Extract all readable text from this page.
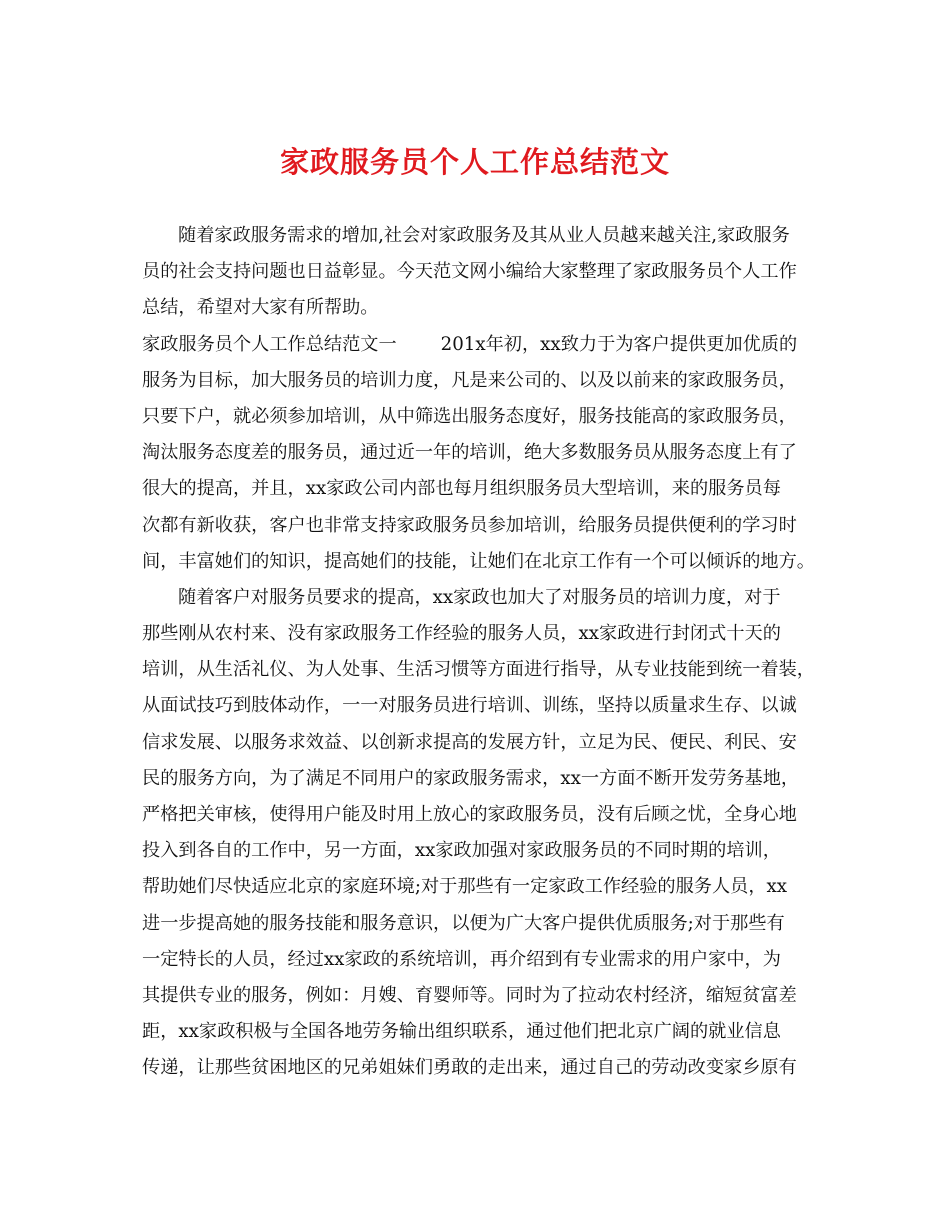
家政服务员个人工作总结范文
随着家政服务需求的增加,社会对家政服务及其从业人员越来越关注,家政服务
员的社会支持问题也日益彰显。今天范文网小编给大家整理了家政服务员个人工作
总结，希望对大家有所帮助。
家政服务员个人工作总结范文一 201x年初，xx致力于为客户提供更加优质的
服务为目标，加大服务员的培训力度，凡是来公司的、以及以前来的家政服务员，
只要下户，就必须参加培训，从中筛选出服务态度好，服务技能高的家政服务员，
淘汰服务态度差的服务员，通过近一年的培训，绝大多数服务员从服务态度上有了
很大的提高，并且，xx家政公司内部也每月组织服务员大型培训，来的服务员每
次都有新收获，客户也非常支持家政服务员参加培训，给服务员提供便利的学习时
间，丰富她们的知识，提高她们的技能，让她们在北京工作有一个可以倾诉的地方。
随着客户对服务员要求的提高，xx家政也加大了对服务员的培训力度，对于
那些刚从农村来、没有家政服务工作经验的服务人员，xx家政进行封闭式十天的
培训，从生活礼仪、为人处事、生活习惯等方面进行指导，从专业技能到统一着装，
从面试技巧到肢体动作，一一对服务员进行培训、训练，坚持以质量求生存、以诚
信求发展、以服务求效益、以创新求提高的发展方针，立足为民、便民、利民、安
民的服务方向，为了满足不同用户的家政服务需求，xx一方面不断开发劳务基地，
严格把关审核，使得用户能及时用上放心的家政服务员，没有后顾之忧，全身心地
投入到各自的工作中，另一方面，xx家政加强对家政服务员的不同时期的培训，
帮助她们尽快适应北京的家庭环境;对于那些有一定家政工作经验的服务人员，xx
进一步提高她的服务技能和服务意识，以便为广大客户提供优质服务;对于那些有
一定特长的人员，经过xx家政的系统培训，再介绍到有专业需求的用户家中，为
其提供专业的服务，例如：月嫂、育婴师等。同时为了拉动农村经济，缩短贫富差
距，xx家政积极与全国各地劳务输出组织联系，通过他们把北京广阔的就业信息
传递，让那些贫困地区的兄弟姐妹们勇敢的走出来，通过自己的劳动改变家乡原有
